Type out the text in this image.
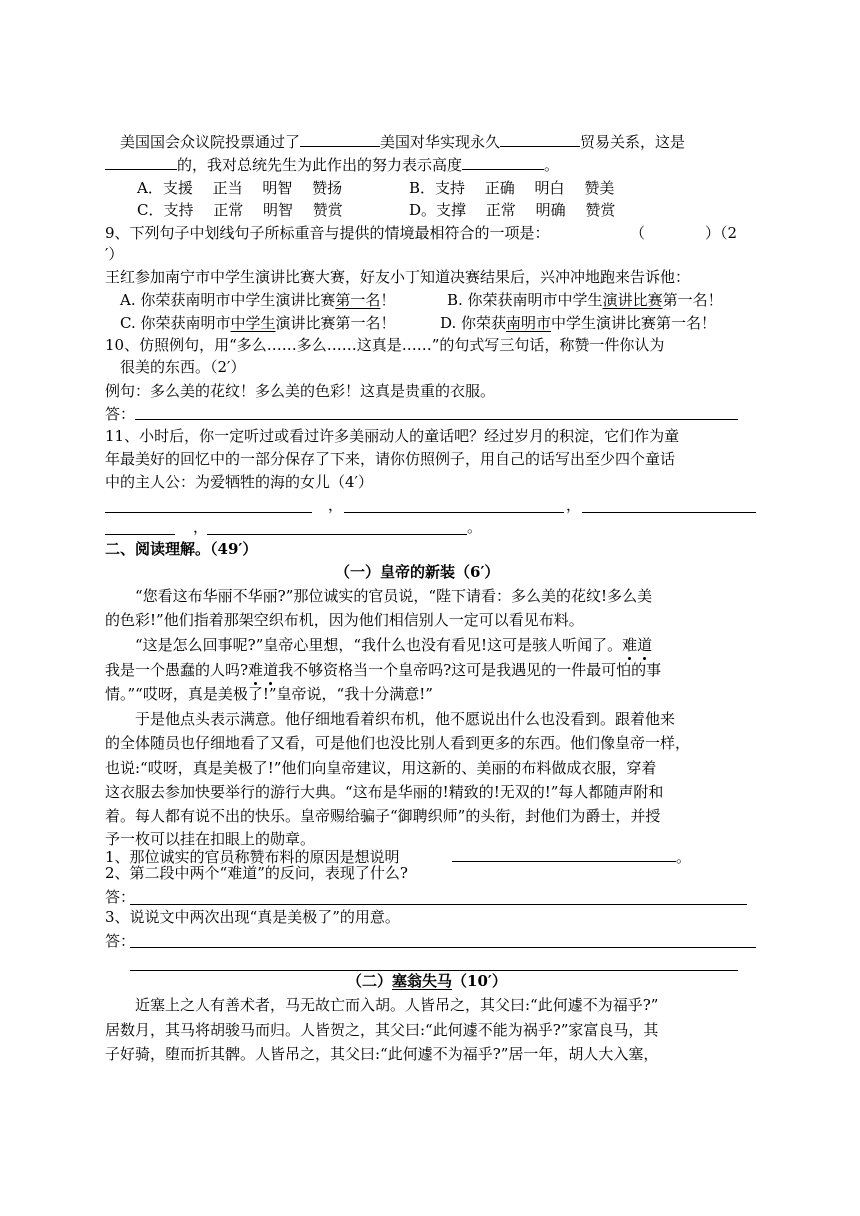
美国国会众议院投票通过了	美国对华实现永久	贸易关系，这是
的，我对总统先生为此作出的努力表示高度	。
A．支援　 正当　 明智　 赞扬	B．支持　 正确　 明白　 赞美
C．支持　 正常　 明智　 赞赏	D。支撑　 正常　 明确　 赞赏
9、下列句子中划线句子所标重音与提供的情境最相符合的一项是：	（　　　　）（2
′）
王红参加南宁市中学生演讲比赛大赛，好友小丁知道决赛结果后，兴冲冲地跑来告诉他：
A. 你荣获南明市中学生演讲比赛第一名！	B. 你荣获南明市中学生演讲比赛第一名！
C. 你荣获南明市中学生演讲比赛第一名！	D. 你荣获南明市中学生演讲比赛第一名！
10、仿照例句，用“多么……多么……这真是……”的句式写三句话，称赞一件你认为
很美的东西。（2′）
例句：多么美的花纹！多么美的色彩！这真是贵重的衣服。
答：
11、小时后，你一定听过或看过许多美丽动人的童话吧？经过岁月的积淀，它们作为童
年最美好的回忆中的一部分保存了下来，请你仿照例子，用自己的话写出至少四个童话
中的主人公：为爱牺牲的海的女儿（4′）
，	，
，	。
二、阅读理解。（49′）
（一）皇帝的新装（6′）
“您看这布华丽不华丽?”那位诚实的官员说，“陛下请看：多么美的花纹!多么美
的色彩!”他们指着那架空织布机，因为他们相信别人一定可以看见布料。
“这是怎么回事呢?”皇帝心里想，“我什么也没有看见!这可是骇人听闻了。难道
我是一个愚蠢的人吗?难道我不够资格当一个皇帝吗?这可是我遇见的一件最可怕的事
情。”“哎呀，真是美极了!”皇帝说，“我十分满意!”
于是他点头表示满意。他仔细地看着织布机，他不愿说出什么也没看到。跟着他来
的全体随员也仔细地看了又看，可是他们也没比别人看到更多的东西。他们像皇帝一样，
也说:“哎呀，真是美极了!”他们向皇帝建议，用这新的、美丽的布料做成衣服，穿着
这衣服去参加快要举行的游行大典。“这布是华丽的!精致的!无双的!”每人都随声附和
着。每人都有说不出的快乐。皇帝赐给骗子“御聘织师”的头衔，封他们为爵士，并授
予一枚可以挂在扣眼上的勋章。
1、那位诚实的官员称赞布料的原因是想说明	。
2、第二段中两个“难道”的反问，表现了什么?
答：
3、说说文中两次出现“真是美极了”的用意。
答：
（二）塞翁失马（10′）
近塞上之人有善术者，马无故亡而入胡。人皆吊之，其父曰:“此何遽不为福乎?”
居数月，其马将胡骏马而归。人皆贺之，其父曰:“此何遽不能为祸乎?”家富良马，其
子好骑，堕而折其髀。人皆吊之，其父曰:“此何遽不为福乎?”居一年，胡人大入塞，
